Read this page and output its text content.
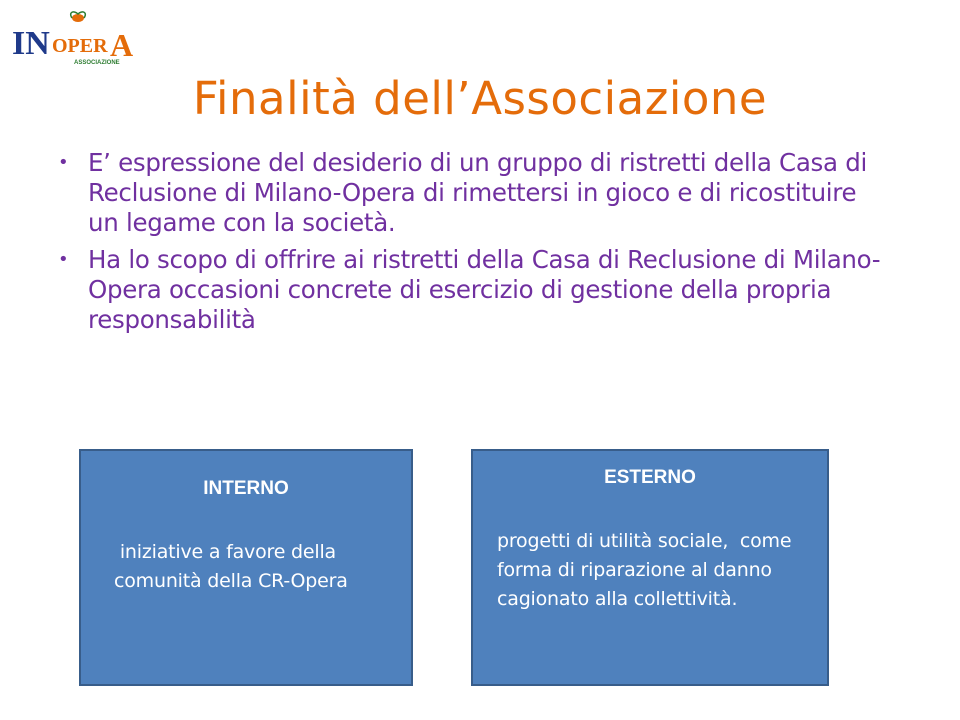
IN OPER A
ASSOCIAZIONE
Finalità dell’Associazione
• E’ espressione del desiderio di un gruppo di ristretti della Casa di Reclusione di Milano-Opera di rimettersi in gioco e di ricostituire un legame con la società.
• Ha lo scopo di offrire ai ristretti della Casa di Reclusione di Milano-Opera occasioni concrete di esercizio di gestione della propria responsabilità
INTERNO
iniziative a favore della comunità della CR-Opera
ESTERNO
progetti di utilità sociale,  come forma di riparazione al danno cagionato alla collettività.
